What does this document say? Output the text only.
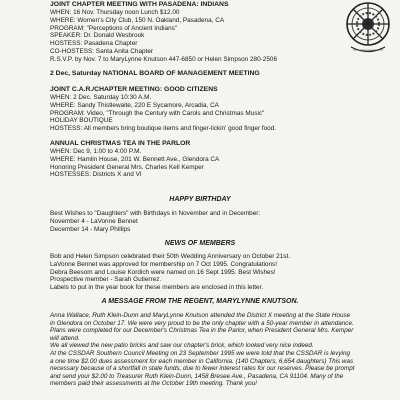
JOINT CHAPTER MEETING WITH PASADENA: INDIANS
WHEN: 16 Nov. Thursday noon Lunch $12.00
WHERE: Women's City Club, 150 N. Oakland, Pasadena, CA
PROGRAM: "Perceptions of Ancient Indians"
SPEAKER: Dr. Donald Wesbrook
HOSTESS: Pasadena Chapter
CO-HOSTESS: Santa Anita Chapter
R.S.V.P. by Nov. 7 to MaryLynne Knutson 447-6850 or Helen Simpson 280-2506
2 Dec, Saturday NATIONAL BOARD OF MANAGEMENT MEETING
JOINT C.A.R./CHAPTER MEETING: GOOD CITIZENS
WHEN: 2 Dec. Saturday 10:30 A.M.
WHERE: Sandy Thistlewaite, 220 E Sycamore, Arcadia, CA
PROGRAM: Video, "Through the Century with Carols and Christmas Music"
HOLIDAY BOUTIQUE
HOSTESS: All members bring boutique items and finger-lickin' good finger food.
ANNUAL CHRISTMAS TEA IN THE PARLOR
WHEN: Dec 9, 1:00 to 4:00 P.M.
WHERE: Hamlin House, 201 W. Bennett Ave., Glendora CA
Honoring President General Mrs. Charles Kell Kemper
HOSTESSES: Districts X and VI
HAPPY BIRTHDAY
Best Wishes to "Daughters" with Birthdays in November and in December:
November 4 - LaVonne Bennet
December 14 - Mary Phillips
NEWS OF MEMBERS
Bob and Helen Simpson celebrated their 50th Wedding Anniversary on October 21st.
LaVonne Bennet was approved for membership on 7 Oct 1995. Congratulations!
Debra Beesom and Louise Kordich were named on 16 Sept 1995. Best Wishes!
Prospective member - Sarah Gutierrez.
Labels to put in the year book for these members are enclosed in this letter.
A MESSAGE FROM THE REGENT, MARYLYNNE KNUTSON.
Anna Wallace, Ruth Klein-Dunn and MaryLynne Knutson attended the District X meeting at the State House
in Glendora on October 17. We were very proud to be the only chapter with a 50-year member in attendance.
Plans were completed for our December's Christmas Tea in the Parlor, when President General Mrs. Kemper
will attend.
We all viewed the new patio bricks and saw our chapter's brick, which looked very nice indeed.
At the CSSDAR Southern Council Meeting on 23 September 1995 we were told that the CSSDAR is levying
a one time $2.00 dues assessment for each member in California. (140 Chapters, 6,654 daughters) This was
necessary because of a shortfall in state funds, due to fewer interest rates for our reserves. Please be prompt
and send your $2.00 to Treasurer Ruth Klein-Dunn, 1458 Bresee Ave., Pasadena, CA 91104. Many of the
members paid their assessments at the October 19th meeting. Thank you!
